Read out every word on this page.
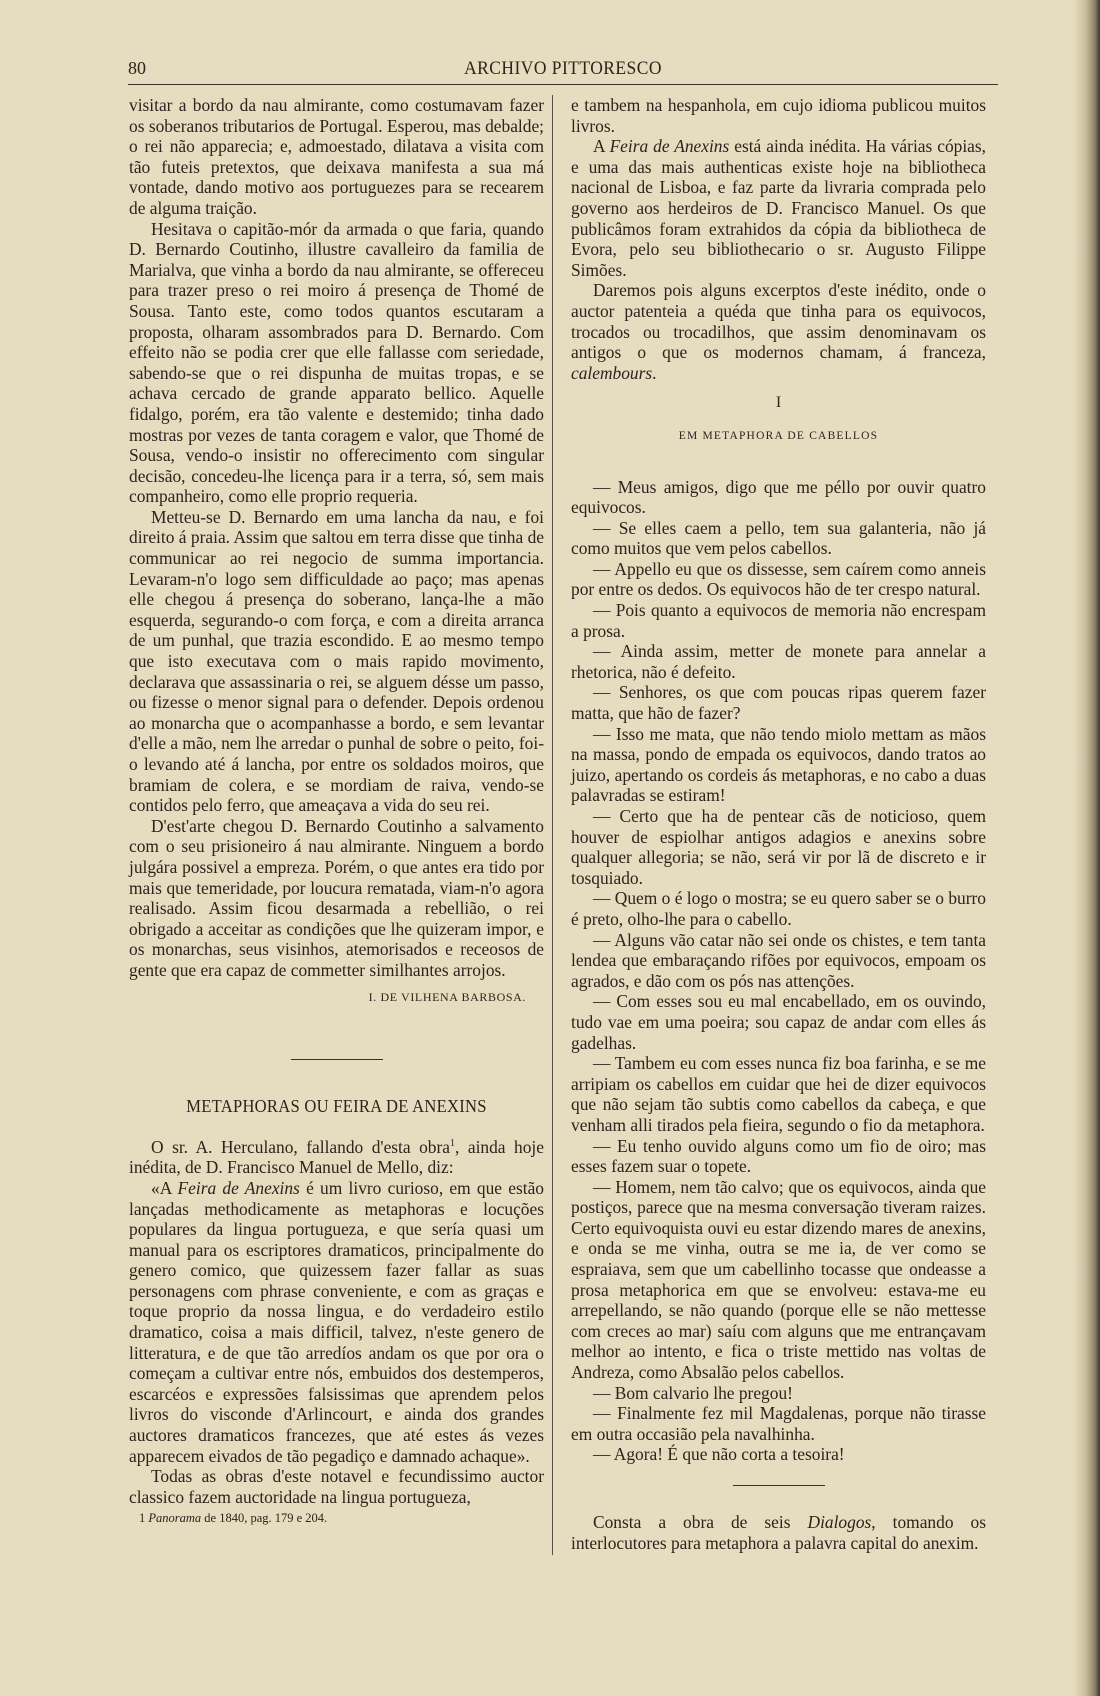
80	ARCHIVO PITTORESCO

visitar a bordo da nau almirante, como costumavam fazer os soberanos tributarios de Portugal. Esperou, mas debalde; o rei não apparecia; e, admoestado, dilatava a visita com tão futeis pretextos, que deixava manifesta a sua má vontade, dando motivo aos portuguezes para se recearem de alguma traição.

Hesitava o capitão-mór da armada o que faria, quando D. Bernardo Coutinho, illustre cavalleiro da familia de Marialva, que vinha a bordo da nau almirante, se offereceu para trazer preso o rei moiro á presença de Thomé de Sousa. Tanto este, como todos quantos escutaram a proposta, olharam assombrados para D. Bernardo. Com effeito não se podia crer que elle fallasse com seriedade, sabendo-se que o rei dispunha de muitas tropas, e se achava cercado de grande apparato bellico. Aquelle fidalgo, porém, era tão valente e destemido; tinha dado mostras por vezes de tanta coragem e valor, que Thomé de Sousa, vendo-o insistir no offerecimento com singular decisão, concedeu-lhe licença para ir a terra, só, sem mais companheiro, como elle proprio requeria.

Metteu-se D. Bernardo em uma lancha da nau, e foi direito á praia. Assim que saltou em terra disse que tinha de communicar ao rei negocio de summa importancia. Levaram-n'o logo sem difficuldade ao paço; mas apenas elle chegou á presença do soberano, lança-lhe a mão esquerda, segurando-o com força, e com a direita arranca de um punhal, que trazia escondido. E ao mesmo tempo que isto executava com o mais rapido movimento, declarava que assassinaria o rei, se alguem désse um passo, ou fizesse o menor signal para o defender. Depois ordenou ao monarcha que o acompanhasse a bordo, e sem levantar d'elle a mão, nem lhe arredar o punhal de sobre o peito, foi-o levando até á lancha, por entre os soldados moiros, que bramiam de colera, e se mordiam de raiva, vendo-se contidos pelo ferro, que ameaçava a vida do seu rei.

D'est'arte chegou D. Bernardo Coutinho a salvamento com o seu prisioneiro á nau almirante. Ninguem a bordo julgára possivel a empreza. Porém, o que antes era tido por mais que temeridade, por loucura rematada, viam-n'o agora realisado. Assim ficou desarmada a rebellião, o rei obrigado a acceitar as condições que lhe quizeram impor, e os monarchas, seus visinhos, atemorisados e receosos de gente que era capaz de commetter similhantes arrojos.

I. DE VILHENA BARBOSA.

METAPHORAS OU FEIRA DE ANEXINS

O sr. A. Herculano, fallando d'esta obra$^1$, ainda hoje inédita, de D. Francisco Manuel de Mello, diz:

«A Feira de Anexins é um livro curioso, em que estão lançadas methodicamente as metaphoras e locuções populares da lingua portugueza, e que sería quasi um manual para os escriptores dramaticos, principalmente do genero comico, que quizessem fazer fallar as suas personagens com phrase conveniente, e com as graças e toque proprio da nossa lingua, e do verdadeiro estilo dramatico, coisa a mais difficil, talvez, n'este genero de litteratura, e de que tão arredíos andam os que por ora o começam a cultivar entre nós, embuidos dos destemperos, escarcéos e expressões falsissimas que aprendem pelos livros do visconde d'Arlincourt, e ainda dos grandes auctores dramaticos francezes, que até estes ás vezes apparecem eivados de tão pegadiço e damnado achaque».

Todas as obras d'este notavel e fecundissimo auctor classico fazem auctoridade na lingua portugueza,

1 Panorama de 1840, pag. 179 e 204.

e tambem na hespanhola, em cujo idioma publicou muitos livros.

A Feira de Anexins está ainda inédita. Ha várias cópias, e uma das mais authenticas existe hoje na bibliotheca nacional de Lisboa, e faz parte da livraria comprada pelo governo aos herdeiros de D. Francisco Manuel. Os que publicâmos foram extrahidos da cópia da bibliotheca de Evora, pelo seu bibliothecario o sr. Augusto Filippe Simões.

Daremos pois alguns excerptos d'este inédito, onde o auctor patenteia a quéda que tinha para os equivocos, trocados ou trocadilhos, que assim denominavam os antigos o que os modernos chamam, á franceza, calembours.

I

EM METAPHORA DE CABELLOS

— Meus amigos, digo que me péllo por ouvir quatro equivocos.

— Se elles caem a pello, tem sua galanteria, não já como muitos que vem pelos cabellos.

— Appello eu que os dissesse, sem caírem como anneis por entre os dedos. Os equivocos hão de ter crespo natural.

— Pois quanto a equivocos de memoria não encrespam a prosa.

— Ainda assim, metter de monete para annelar a rhetorica, não é defeito.

— Senhores, os que com poucas ripas querem fazer matta, que hão de fazer?

— Isso me mata, que não tendo miolo mettam as mãos na massa, pondo de empada os equivocos, dando tratos ao juizo, apertando os cordeis ás metaphoras, e no cabo a duas palavradas se estiram!

— Certo que ha de pentear cãs de noticioso, quem houver de espiolhar antigos adagios e anexins sobre qualquer allegoria; se não, será vir por lã de discreto e ir tosquiado.

— Quem o é logo o mostra; se eu quero saber se o burro é preto, olho-lhe para o cabello.

— Alguns vão catar não sei onde os chistes, e tem tanta lendea que embaraçando rifões por equivocos, empoam os agrados, e dão com os pós nas attenções.

— Com esses sou eu mal encabellado, em os ouvindo, tudo vae em uma poeira; sou capaz de andar com elles ás gadelhas.

— Tambem eu com esses nunca fiz boa farinha, e se me arripiam os cabellos em cuidar que hei de dizer equivocos que não sejam tão subtis como cabellos da cabeça, e que venham alli tirados pela fieira, segundo o fio da metaphora.

— Eu tenho ouvido alguns como um fio de oiro; mas esses fazem suar o topete.

— Homem, nem tão calvo; que os equivocos, ainda que postiços, parece que na mesma conversação tiveram raizes. Certo equivoquista ouvi eu estar dizendo mares de anexins, e onda se me vinha, outra se me ia, de ver como se espraiava, sem que um cabellinho tocasse que ondeasse a prosa metaphorica em que se envolveu: estava-me eu arrepellando, se não quando (porque elle se não mettesse com creces ao mar) saíu com alguns que me entrançavam melhor ao intento, e fica o triste mettido nas voltas de Andreza, como Absalão pelos cabellos.

— Bom calvario lhe pregou!

— Finalmente fez mil Magdalenas, porque não tirasse em outra occasião pela navalhinha.

— Agora! É que não corta a tesoira!

Consta a obra de seis Dialogos, tomando os interlocutores para metaphora a palavra capital do anexim.
